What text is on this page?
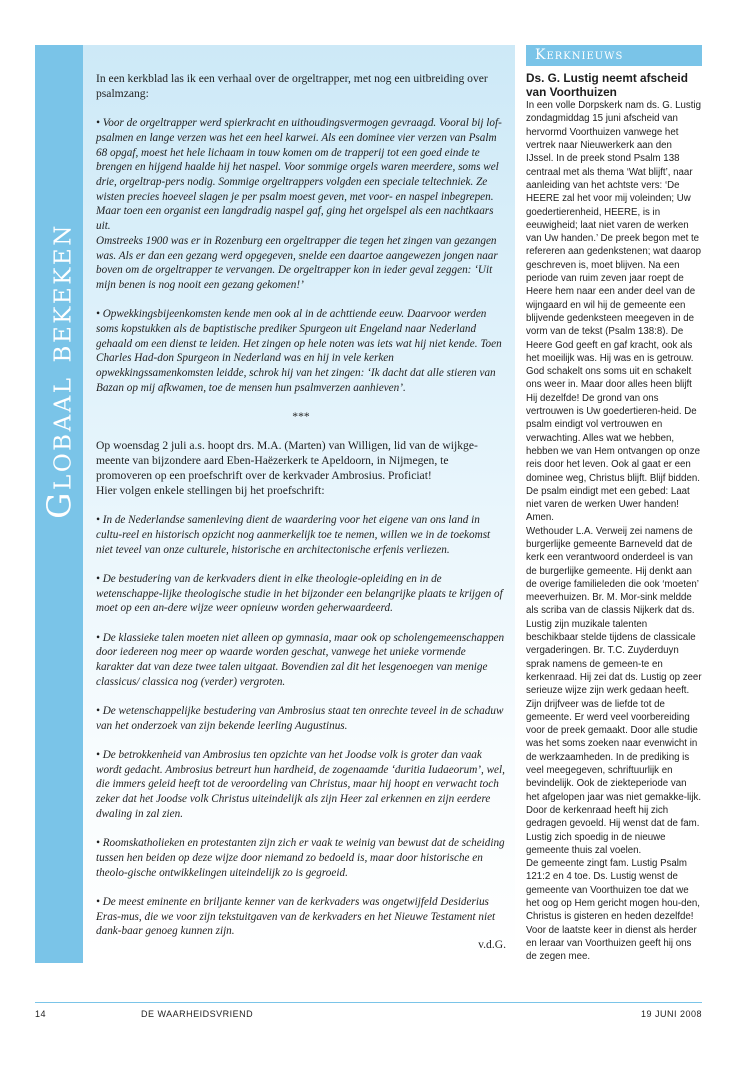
Globaal bekeken

In een kerkblad las ik een verhaal over de orgeltrapper, met nog een uitbreiding over psalmzang:

• Voor de orgeltrapper werd spierkracht en uithoudingsvermogen gevraagd. Vooral bij lof-psalmen en lange verzen was het een heel karwei. Als een dominee vier verzen van Psalm 68 opgaf, moest het hele lichaam in touw komen om de trapperij tot een goed einde te brengen en hijgend haalde hij het naspel. Voor sommige orgels waren meerdere, soms wel drie, orgeltrap-pers nodig. Sommige orgeltrappers volgden een speciale teltechniek. Ze wisten precies hoeveel slagen je per psalm moest geven, met voor- en naspel inbegrepen. Maar toen een organist een langdradig naspel gaf, ging het orgelspel als een nachtkaars uit.

Omstreeks 1900 was er in Rozenburg een orgeltrapper die tegen het zingen van gezangen was. Als er dan een gezang werd opgegeven, snelde een daartoe aangewezen jongen naar boven om de orgeltrapper te vervangen. De orgeltrapper kon in ieder geval zeggen: ‘Uit mijn benen is nog nooit een gezang gekomen!’

• Opwekkingsbijeenkomsten kende men ook al in de achttiende eeuw. Daarvoor werden soms kopstukken als de baptistische prediker Spurgeon uit Engeland naar Nederland gehaald om een dienst te leiden. Het zingen op hele noten was iets wat hij niet kende. Toen Charles Had-don Spurgeon in Nederland was en hij in vele kerken opwekkingssamenkomsten leidde, schrok hij van het zingen: ‘Ik dacht dat alle stieren van Bazan op mij afkwamen, toe de mensen hun psalmverzen aanhieven’.

***

Op woensdag 2 juli a.s. hoopt drs. M.A. (Marten) van Willigen, lid van de wijkge-meente van bijzondere aard Eben-Haëzerkerk te Apeldoorn, in Nijmegen, te promoveren op een proefschrift over de kerkvader Ambrosius. Proficiat!

Hier volgen enkele stellingen bij het proefschrift:

• In de Nederlandse samenleving dient de waardering voor het eigene van ons land in cultu-reel en historisch opzicht nog aanmerkelijk toe te nemen, willen we in de toekomst niet teveel van onze culturele, historische en architectonische erfenis verliezen.

• De bestudering van de kerkvaders dient in elke theologie-opleiding en in de wetenschappe-lijke theologische studie in het bijzonder een belangrijke plaats te krijgen of moet op een an-dere wijze weer opnieuw worden geherwaardeerd.

• De klassieke talen moeten niet alleen op gymnasia, maar ook op scholengemeenschappen door iedereen nog meer op waarde worden geschat, vanwege het unieke vormende karakter dat van deze twee talen uitgaat. Bovendien zal dit het lesgenoegen van menige classicus/ classica nog (verder) vergroten.

• De wetenschappelijke bestudering van Ambrosius staat ten onrechte teveel in de schaduw van het onderzoek van zijn bekende leerling Augustinus.

• De betrokkenheid van Ambrosius ten opzichte van het Joodse volk is groter dan vaak wordt gedacht. Ambrosius betreurt hun hardheid, de zogenaamde ‘duritia Iudaeorum’, wel, die immers geleid heeft tot de veroordeling van Christus, maar hij hoopt en verwacht toch zeker dat het Joodse volk Christus uiteindelijk als zijn Heer zal erkennen en zijn eerdere dwaling in zal zien.

• Roomskatholieken en protestanten zijn zich er vaak te weinig van bewust dat de scheiding tussen hen beiden op deze wijze door niemand zo bedoeld is, maar door historische en theolo-gische ontwikkelingen uiteindelijk zo is gegroeid.

• De meest eminente en briljante kenner van de kerkvaders was ongetwijfeld Desiderius Eras-mus, die we voor zijn tekstuitgaven van de kerkvaders en het Nieuwe Testament niet dank-baar genoeg kunnen zijn.

v.d.G.

Kerknieuws
Ds. G. Lustig neemt afscheid van Voorthuizen
In een volle Dorpskerk nam ds. G. Lustig zondagmiddag 15 juni afscheid van hervormd Voorthuizen vanwege het vertrek naar Nieuwerkerk aan den IJssel. In de preek stond Psalm 138 centraal met als thema ‘Wat blijft’, naar aanleiding van het achtste vers: ‘De HEERE zal het voor mij voleinden; Uw goedertierenheid, HEERE, is in eeuwigheid; laat niet varen de werken van Uw handen.’ De preek begon met te refereren aan gedenkstenen; wat daarop geschreven is, moet blijven. Na een periode van ruim zeven jaar roept de Heere hem naar een ander deel van de wijngaard en wil hij de gemeente een blijvende gedenksteen meegeven in de vorm van de tekst (Psalm 138:8). De Heere God geeft en gaf kracht, ook als het moeilijk was. Hij was en is getrouw. God schakelt ons soms uit en schakelt ons weer in. Maar door alles heen blijft Hij dezelfde! De grond van ons vertrouwen is Uw goedertieren-heid. De psalm eindigt vol vertrouwen en verwachting. Alles wat we hebben, hebben we van Hem ontvangen op onze reis door het leven. Ook al gaat er een dominee weg, Christus blijft. Blijf bidden. De psalm eindigt met een gebed: Laat niet varen de werken Uwer handen! Amen.
Wethouder L.A. Verweij zei namens de burgerlijke gemeente Barneveld dat de kerk een verantwoord onderdeel is van de burgerlijke gemeente. Hij denkt aan de overige familieleden die ook ‘moeten’ meeverhuizen. Br. M. Mor-sink meldde als scriba van de classis Nijkerk dat ds. Lustig zijn muzikale talenten beschikbaar stelde tijdens de classicale vergaderingen. Br. T.C. Zuyderduyn sprak namens de gemeen-te en kerkenraad. Hij zei dat ds. Lustig op zeer serieuze wijze zijn werk gedaan heeft. Zijn drijfveer was de liefde tot de gemeente. Er werd veel voorbereiding voor de preek gemaakt. Door alle studie was het soms zoeken naar evenwicht in de werkzaamheden. In de prediking is veel meegegeven, schriftuurlijk en bevindelijk. Ook de ziekteperiode van het afgelopen jaar was niet gemakke-lijk. Door de kerkenraad heeft hij zich gedragen gevoeld. Hij wenst dat de fam. Lustig zich spoedig in de nieuwe gemeente thuis zal voelen.
De gemeente zingt fam. Lustig Psalm 121:2 en 4 toe. Ds. Lustig wenst de gemeente van Voorthuizen toe dat we het oog op Hem gericht mogen hou-den, Christus is gisteren en heden dezelfde! Voor de laatste keer in dienst als herder en leraar van Voorthuizen geeft hij ons de zegen mee.
14	DE WAARHEIDSVRIEND	19 JUNI 2008
